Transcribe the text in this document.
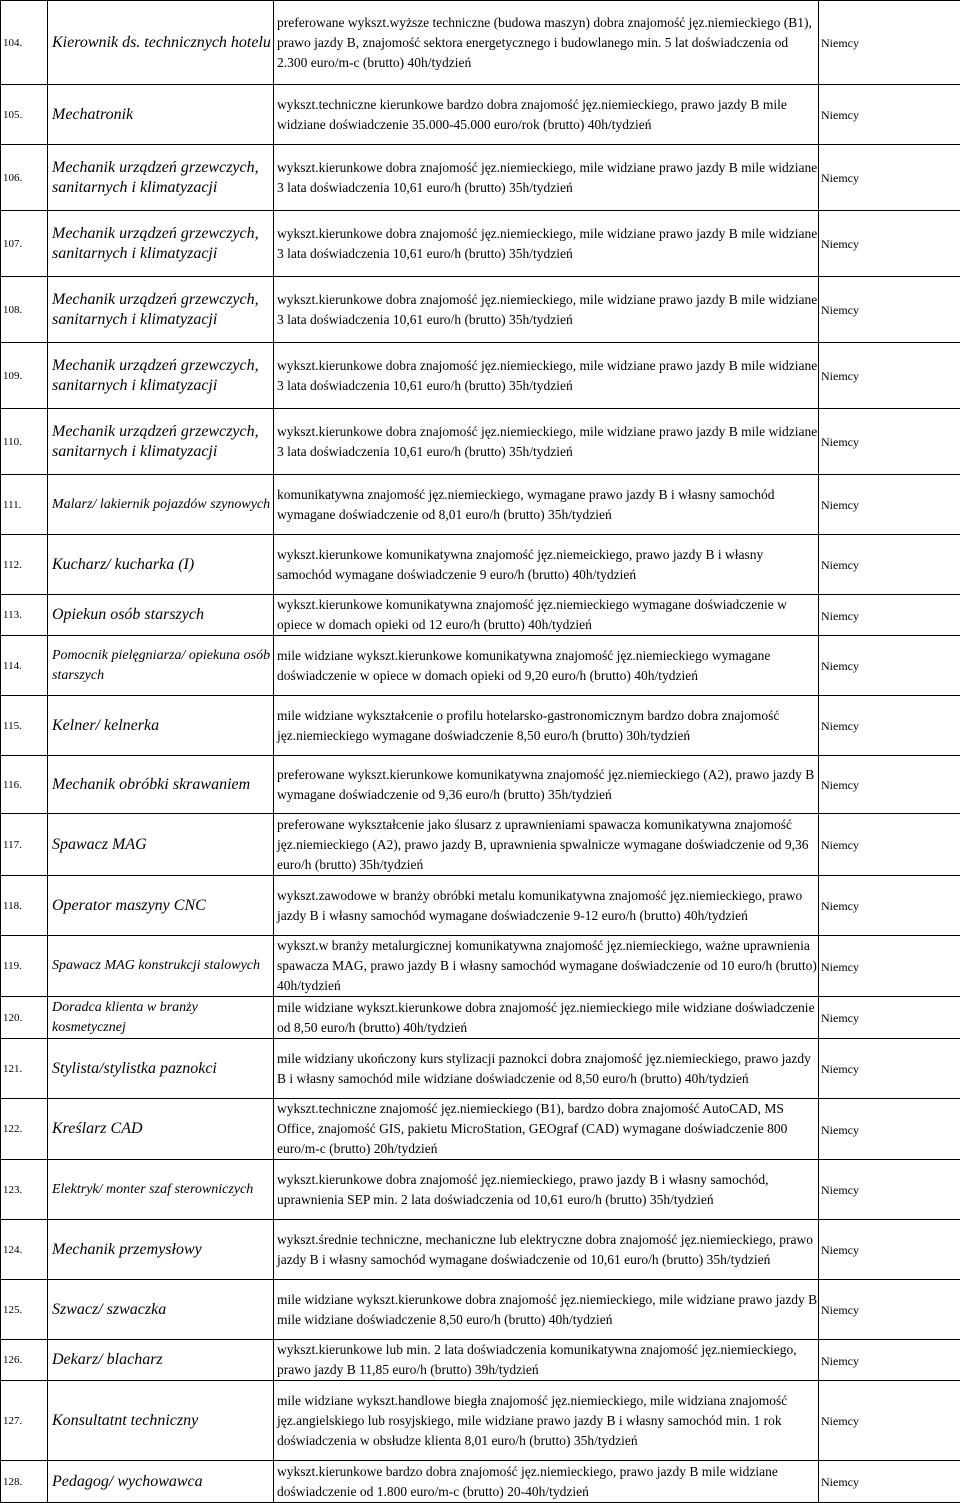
104.	Kierownik ds. technicznych hotelu	preferowane wykszt.wyższe techniczne (budowa maszyn) dobra znajomość jęz.niemieckiego (B1), prawo jazdy B, znajomość sektora energetycznego i budowlanego min. 5 lat doświadczenia od 2.300 euro/m-c (brutto) 40h/tydzień	Niemcy
105.	Mechatronik	wykszt.techniczne kierunkowe bardzo dobra znajomość jęz.niemieckiego, prawo jazdy B mile widziane doświadczenie 35.000-45.000 euro/rok (brutto) 40h/tydzień	Niemcy
106.	Mechanik urządzeń grzewczych, sanitarnych i klimatyzacji	wykszt.kierunkowe dobra znajomość jęz.niemieckiego, mile widziane prawo jazdy B mile widziane 3 lata doświadczenia 10,61 euro/h (brutto) 35h/tydzień	Niemcy
107.	Mechanik urządzeń grzewczych, sanitarnych i klimatyzacji	wykszt.kierunkowe dobra znajomość jęz.niemieckiego, mile widziane prawo jazdy B mile widziane 3 lata doświadczenia 10,61 euro/h (brutto) 35h/tydzień	Niemcy
108.	Mechanik urządzeń grzewczych, sanitarnych i klimatyzacji	wykszt.kierunkowe dobra znajomość jęz.niemieckiego, mile widziane prawo jazdy B mile widziane 3 lata doświadczenia 10,61 euro/h (brutto) 35h/tydzień	Niemcy
109.	Mechanik urządzeń grzewczych, sanitarnych i klimatyzacji	wykszt.kierunkowe dobra znajomość jęz.niemieckiego, mile widziane prawo jazdy B mile widziane 3 lata doświadczenia 10,61 euro/h (brutto) 35h/tydzień	Niemcy
110.	Mechanik urządzeń grzewczych, sanitarnych i klimatyzacji	wykszt.kierunkowe dobra znajomość jęz.niemieckiego, mile widziane prawo jazdy B mile widziane 3 lata doświadczenia 10,61 euro/h (brutto) 35h/tydzień	Niemcy
111.	Malarz/ lakiernik pojazdów szynowych	komunikatywna znajomość jęz.niemieckiego, wymagane prawo jazdy B i własny samochód wymagane doświadczenie od 8,01 euro/h (brutto) 35h/tydzień	Niemcy
112.	Kucharz/ kucharka (I)	wykszt.kierunkowe komunikatywna znajomość jęz.niemeickiego, prawo jazdy B i własny samochód wymagane doświadczenie 9 euro/h (brutto) 40h/tydzień	Niemcy
113.	Opiekun osób starszych	wykszt.kierunkowe komunikatywna znajomość jęz.niemieckiego wymagane doświadczenie w opiece w domach opieki od 12 euro/h (brutto) 40h/tydzień	Niemcy
114.	Pomocnik pielęgniarza/ opiekuna osób starszych	mile widziane wykszt.kierunkowe komunikatywna znajomość jęz.niemieckiego wymagane doświadczenie w opiece w domach opieki od 9,20 euro/h (brutto) 40h/tydzień	Niemcy
115.	Kelner/ kelnerka	mile widziane wykształcenie o profilu hotelarsko-gastronomicznym bardzo dobra znajomość jęz.niemieckiego wymagane doświadczenie 8,50 euro/h (brutto) 30h/tydzień	Niemcy
116.	Mechanik obróbki skrawaniem	preferowane wykszt.kierunkowe komunikatywna znajomość jęz.niemieckiego (A2), prawo jazdy B wymagane doświadczenie od 9,36 euro/h (brutto) 35h/tydzień	Niemcy
117.	Spawacz MAG	preferowane wykształcenie jako ślusarz z uprawnieniami spawacza komunikatywna znajomość jęz.niemieckiego (A2), prawo jazdy B, uprawnienia spwalnicze wymagane doświadczenie od 9,36 euro/h (brutto) 35h/tydzień	Niemcy
118.	Operator maszyny CNC	wykszt.zawodowe w branży obróbki metalu komunikatywna znajomość jęz.niemieckiego, prawo jazdy B i własny samochód wymagane doświadczenie 9-12 euro/h (brutto) 40h/tydzień	Niemcy
119.	Spawacz MAG konstrukcji stalowych	wykszt.w branży metalurgicznej komunikatywna znajomość jęz.niemieckiego, ważne uprawnienia spawacza MAG, prawo jazdy B i własny samochód wymagane doświadczenie od 10 euro/h (brutto) 40h/tydzień	Niemcy
120.	Doradca klienta w branży kosmetycznej	mile widziane wykszt.kierunkowe dobra znajomość jęz.niemieckiego mile widziane doświadczenie od 8,50 euro/h (brutto) 40h/tydzień	Niemcy
121.	Stylista/stylistka paznokci	mile widziany ukończony kurs stylizacji paznokci dobra znajomość jęz.niemieckiego, prawo jazdy B i własny samochód mile widziane doświadczenie od 8,50 euro/h (brutto) 40h/tydzień	Niemcy
122.	Kreślarz CAD	wykszt.techniczne znajomość jęz.niemieckiego (B1), bardzo dobra znajomość AutoCAD, MS Office, znajomość GIS, pakietu MicroStation, GEOgraf (CAD) wymagane doświadczenie 800 euro/m-c (brutto) 20h/tydzień	Niemcy
123.	Elektryk/ monter szaf sterowniczych	wykszt.kierunkowe dobra znajomość jęz.niemieckiego, prawo jazdy B i własny samochód, uprawnienia SEP min. 2 lata doświadczenia od 10,61 euro/h (brutto) 35h/tydzień	Niemcy
124.	Mechanik przemysłowy	wykszt.średnie techniczne, mechaniczne lub elektryczne dobra znajomość jęz.niemieckiego, prawo jazdy B i własny samochód wymagane doświadczenie od 10,61 euro/h (brutto) 35h/tydzień	Niemcy
125.	Szwacz/ szwaczka	mile widziane wykszt.kierunkowe dobra znajomość jęz.niemieckiego, mile widziane prawo jazdy B mile widziane doświadczenie 8,50 euro/h (brutto) 40h/tydzień	Niemcy
126.	Dekarz/ blacharz	wykszt.kierunkowe lub min. 2 lata doświadczenia komunikatywna znajomość jęz.niemieckiego, prawo jazdy B 11,85 euro/h (brutto) 39h/tydzień	Niemcy
127.	Konsultatnt techniczny	mile widziane wykszt.handlowe biegła znajomość jęz.niemieckiego, mile widziana znajomość jęz.angielskiego lub rosyjskiego, mile widziane prawo jazdy B i własny samochód min. 1 rok doświadczenia w obsłudze klienta 8,01 euro/h (brutto) 35h/tydzień	Niemcy
128.	Pedagog/ wychowawca	wykszt.kierunkowe bardzo dobra znajomość jęz.niemieckiego, prawo jazdy B mile widziane doświadczenie od 1.800 euro/m-c (brutto) 20-40h/tydzień	Niemcy
